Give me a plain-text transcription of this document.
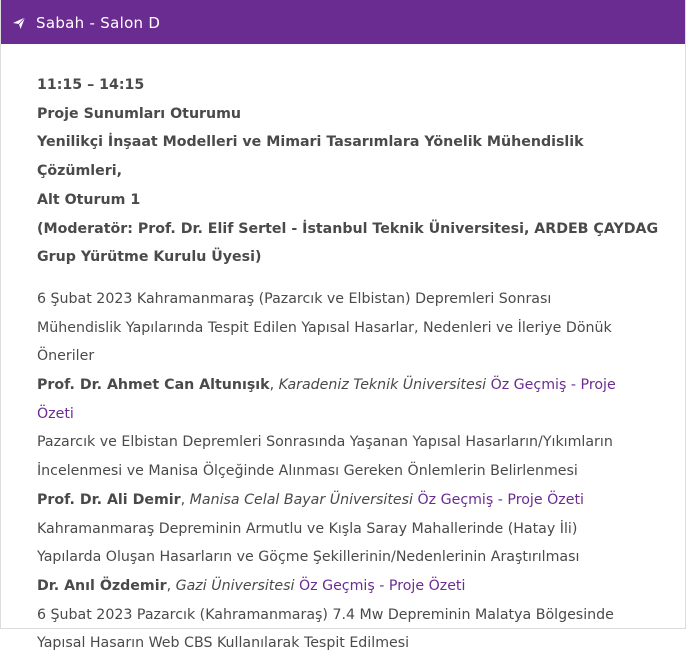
Sabah - Salon D

11:15 – 14:15

Proje Sunumları Oturumu

Yenilikçi İnşaat Modelleri ve Mimari Tasarımlara Yönelik Mühendislik Çözümleri,

Alt Oturum 1

(Moderatör: Prof. Dr. Elif Sertel - İstanbul Teknik Üniversitesi, ARDEB ÇAYDAG

Grup Yürütme Kurulu Üyesi)

6 Şubat 2023 Kahramanmaraş (Pazarcık ve Elbistan) Depremleri Sonrası

Mühendislik Yapılarında Tespit Edilen Yapısal Hasarlar, Nedenleri ve İleriye Dönük

Öneriler

Prof. Dr. Ahmet Can Altunışık, Karadeniz Teknik Üniversitesi Öz Geçmiş - Proje

Özeti

Pazarcık ve Elbistan Depremleri Sonrasında Yaşanan Yapısal Hasarların/Yıkımların

İncelenmesi ve Manisa Ölçeğinde Alınması Gereken Önlemlerin Belirlenmesi

Prof. Dr. Ali Demir, Manisa Celal Bayar Üniversitesi Öz Geçmiş - Proje Özeti

Kahramanmaraş Depreminin Armutlu ve Kışla Saray Mahallerinde (Hatay İli)

Yapılarda Oluşan Hasarların ve Göçme Şekillerinin/Nedenlerinin Araştırılması

Dr. Anıl Özdemir, Gazi Üniversitesi Öz Geçmiş - Proje Özeti

6 Şubat 2023 Pazarcık (Kahramanmaraş) 7.4 Mw Depreminin Malatya Bölgesinde

Yapısal Hasarın Web CBS Kullanılarak Tespit Edilmesi
